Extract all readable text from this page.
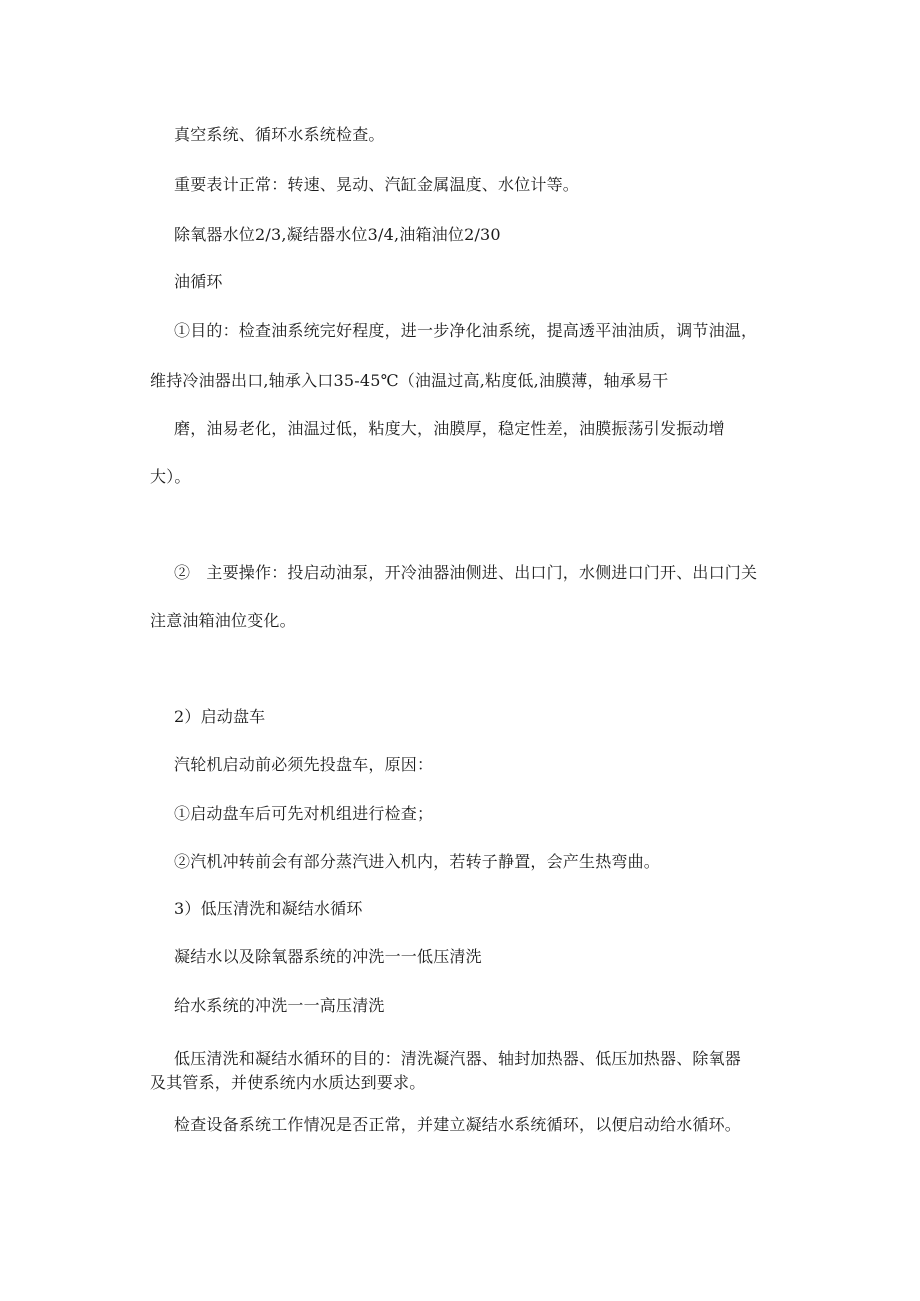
真空系统、循环水系统检查。
重要表计正常：转速、晃动、汽缸金属温度、水位计等。
除氧器水位2/3,凝结器水位3/4,油箱油位2/30
油循环
①目的：检查油系统完好程度，进一步净化油系统，提高透平油油质，调节油温，
维持冷油器出口,轴承入口35-45℃（油温过高,粘度低,油膜薄，轴承易干
磨，油易老化，油温过低，粘度大，油膜厚，稳定性差，油膜振荡引发振动增
大）。
②　主要操作：投启动油泵，开冷油器油侧进、出口门，水侧进口门开、出口门关
注意油箱油位变化。
2）启动盘车
汽轮机启动前必须先投盘车，原因：
①启动盘车后可先对机组进行检查；
②汽机冲转前会有部分蒸汽进入机内，若转子静置，会产生热弯曲。
3）低压清洗和凝结水循环
凝结水以及除氧器系统的冲洗一一低压清洗
给水系统的冲洗一一高压清洗
低压清洗和凝结水循环的目的：清洗凝汽器、轴封加热器、低压加热器、除氧器
及其管系，并使系统内水质达到要求。
检查设备系统工作情况是否正常，并建立凝结水系统循环，以便启动给水循环。
